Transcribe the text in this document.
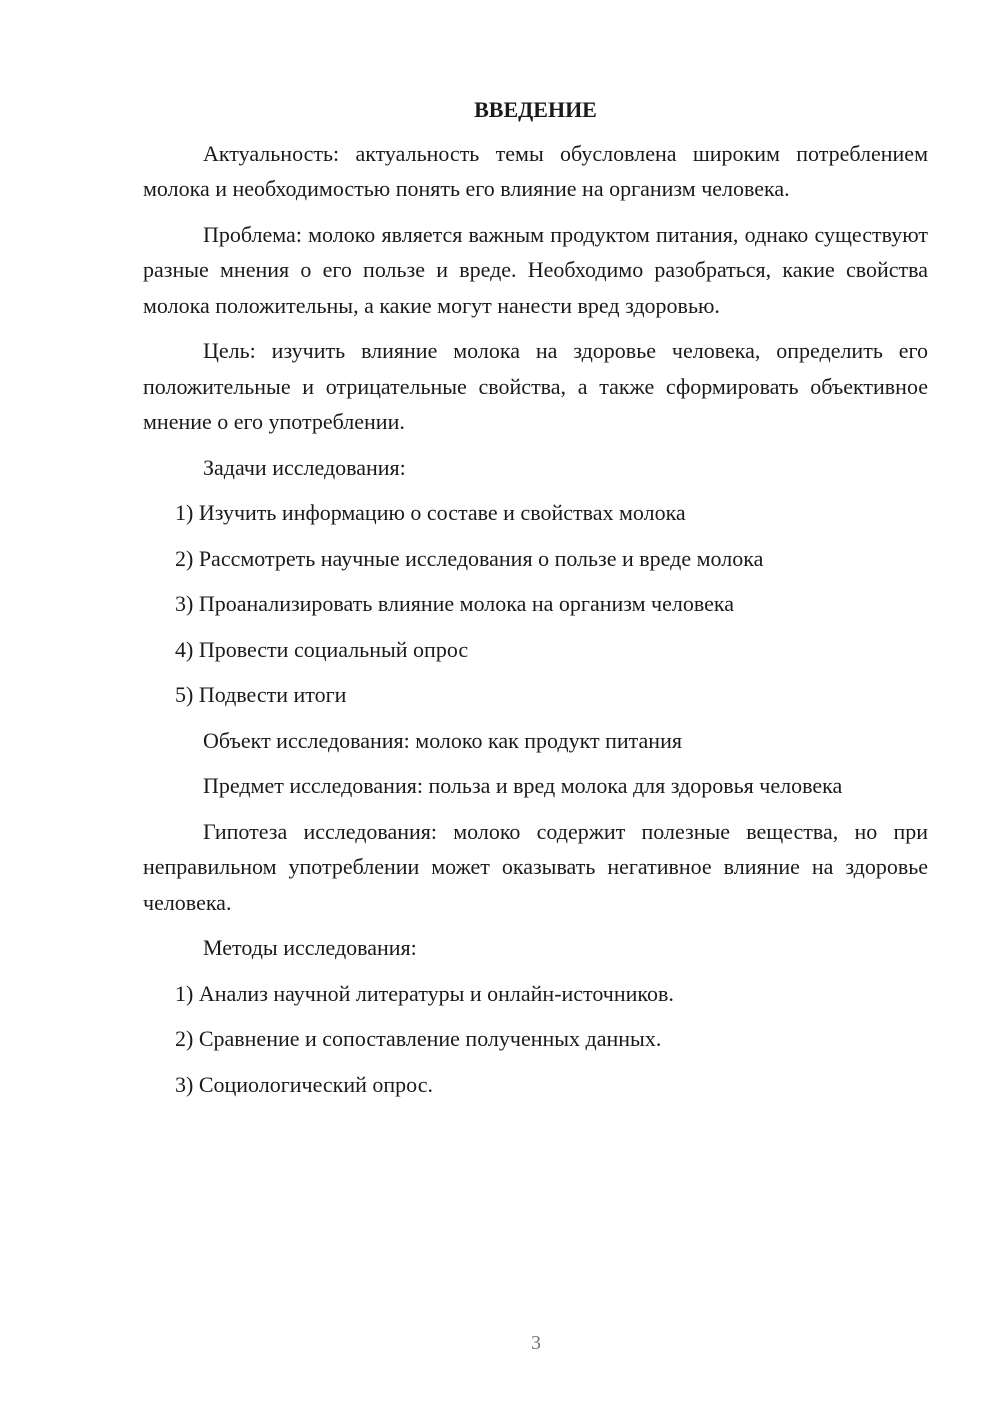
ВВЕДЕНИЕ

Актуальность: актуальность темы обусловлена широким потреблением молока и необходимостью понять его влияние на организм человека.

Проблема: молоко является важным продуктом питания, однако существуют разные мнения о его пользе и вреде. Необходимо разобраться, какие свойства молока положительны, а какие могут нанести вред здоровью.

Цель: изучить влияние молока на здоровье человека, определить его положительные и отрицательные свойства, а также сформировать объективное мнение о его употреблении.

Задачи исследования:
1) Изучить информацию о составе и свойствах молока
2) Рассмотреть научные исследования о пользе и вреде молока
3) Проанализировать влияние молока на организм человека
4) Провести социальный опрос
5) Подвести итоги
Объект исследования: молоко как продукт питания
Предмет исследования: польза и вред молока для здоровья человека

Гипотеза исследования: молоко содержит полезные вещества, но при неправильном употреблении может оказывать негативное влияние на здоровье человека.

Методы исследования:
1) Анализ научной литературы и онлайн-источников.
2) Сравнение и сопоставление полученных данных.
3) Социологический опрос.
3
